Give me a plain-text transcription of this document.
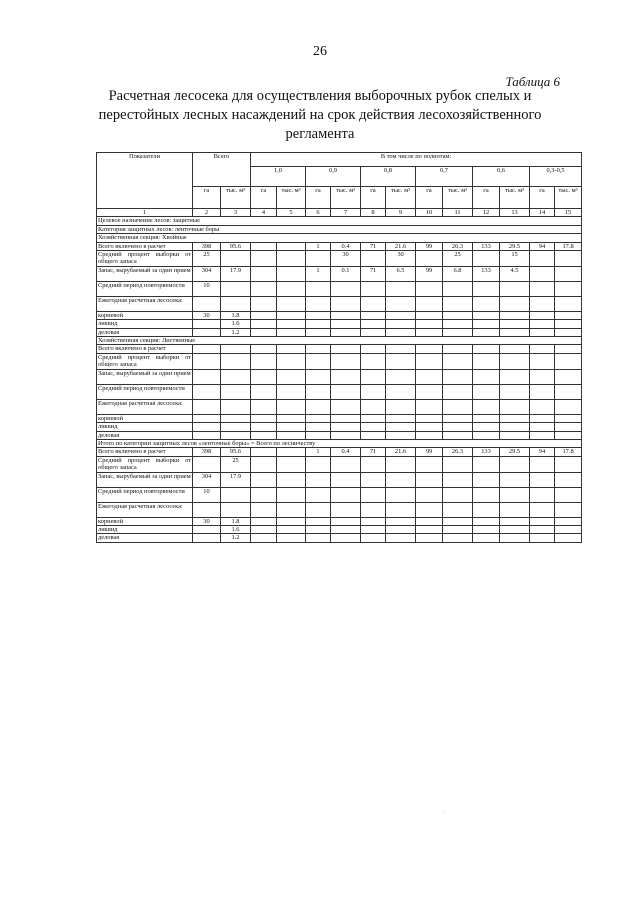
26
Таблица 6
Расчетная лесосека для осуществления выборочных рубок спелых и перестойных лесных насаждений на срок действия лесохозяйственного регламента
Показатели	Всего		В том числе по полнотам:											
			1,0		0,9		0,8		0,7		0,6		0,3-0,5	
	га	тыс. м³	га	тыс. м³	га	тыс. м³	га	тыс. м³	га	тыс. м³	га	тыс. м³	га	тыс. м³
1	2	3	4	5	6	7	8	9	10	11	12	13	14	15
Целевое назначение лесов: защитные														
Категория защитных лесов: ленточные боры														
Хозяйственная секция: Хвойные														
Всего включено в расчет	398	95.6			1	0.4	71	21.6	99	26.3	133	29.5	94	17.8
Средний процент выборки от общего запаса	25					30		30		25		15		
Запас, вырубаемый за один прием	304	17.9			1	0.1	71	6.5	99	6.8	133	4.5		
Средний период повторяемости	10													
Ежегодная расчетная лесосека:														
корневой	30	1.8												
ликвид		1.6												
деловая		1.2												
Хозяйственная секция: Лиственные														
Всего включено в расчет														
Средний процент выборки от общего запаса														
Запас, вырубаемый за один прием														
Средний период повторяемости														
Ежегодная расчетная лесосека:														
корневой														
ликвид														
деловая														
Итого по категории защитных лесов «ленточные боры» = Всего по лесничеству														
Всего включено в расчет	398	95.6			1	0.4	71	21.6	99	26.3	133	29.5	94	17.8
Средний процент выборки от общего запаса		25												
Запас, вырубаемый за один прием	304	17.9												
Средний период повторяемости	10													
Ежегодная расчетная лесосека:														
корневой	30	1.8												
ликвид		1.6												
деловая		1.2												
.
